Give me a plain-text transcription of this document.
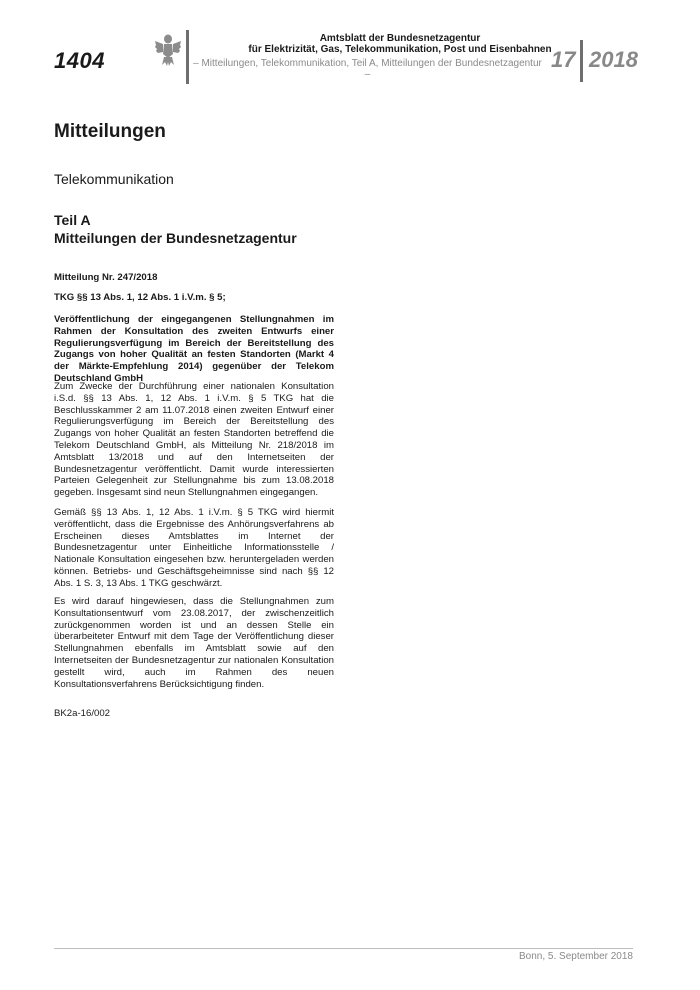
1404
Amtsblatt der Bundesnetzagentur
für Elektrizität, Gas, Telekommunikation, Post und Eisenbahnen
– Mitteilungen, Telekommunikation, Teil A, Mitteilungen der Bundesnetzagentur –
17 2018
Mitteilungen
Telekommunikation
Teil A
Mitteilungen der Bundesnetzagentur
Mitteilung Nr. 247/2018
TKG §§ 13 Abs. 1, 12 Abs. 1 i.V.m. § 5;
Veröffentlichung der eingegangenen Stellungnahmen im Rahmen der Konsultation des zweiten Entwurfs einer Regulierungsverfügung im Bereich der Bereitstellung des Zugangs von hoher Qualität an festen Standorten (Markt 4 der Märkte-Empfehlung 2014) gegenüber der Telekom Deutschland GmbH
Zum Zwecke der Durchführung einer nationalen Konsultation i.S.d. §§ 13 Abs. 1, 12 Abs. 1 i.V.m. § 5 TKG hat die Beschlusskammer 2 am 11.07.2018 einen zweiten Entwurf einer Regulierungsverfügung im Bereich der Bereitstellung des Zugangs von hoher Qualität an festen Standorten betreffend die Telekom Deutschland GmbH, als Mitteilung Nr. 218/2018 im Amtsblatt 13/2018 und auf den Internetseiten der Bundesnetzagentur veröffentlicht. Damit wurde interessierten Parteien Gelegenheit zur Stellungnahme bis zum 13.08.2018 gegeben. Insgesamt sind neun Stellungnahmen eingegangen.
Gemäß §§ 13 Abs. 1, 12 Abs. 1 i.V.m. § 5 TKG wird hiermit veröffentlicht, dass die Ergebnisse des Anhörungsverfahrens ab Erscheinen dieses Amtsblattes im Internet der Bundesnetzagentur unter Einheitliche Informationsstelle / Nationale Konsultation eingesehen bzw. heruntergeladen werden können. Betriebs- und Geschäftsgeheimnisse sind nach §§ 12 Abs. 1 S. 3, 13 Abs. 1 TKG geschwärzt.
Es wird darauf hingewiesen, dass die Stellungnahmen zum Konsultationsentwurf vom 23.08.2017, der zwischenzeitlich zurückgenommen worden ist und an dessen Stelle ein überarbeiteter Entwurf mit dem Tage der Veröffentlichung dieser Stellungnahmen ebenfalls im Amtsblatt sowie auf den Internetseiten der Bundesnetzagentur zur nationalen Konsultation gestellt wird, auch im Rahmen des neuen Konsultationsverfahrens Berücksichtigung finden.
BK2a-16/002
Bonn, 5. September 2018
